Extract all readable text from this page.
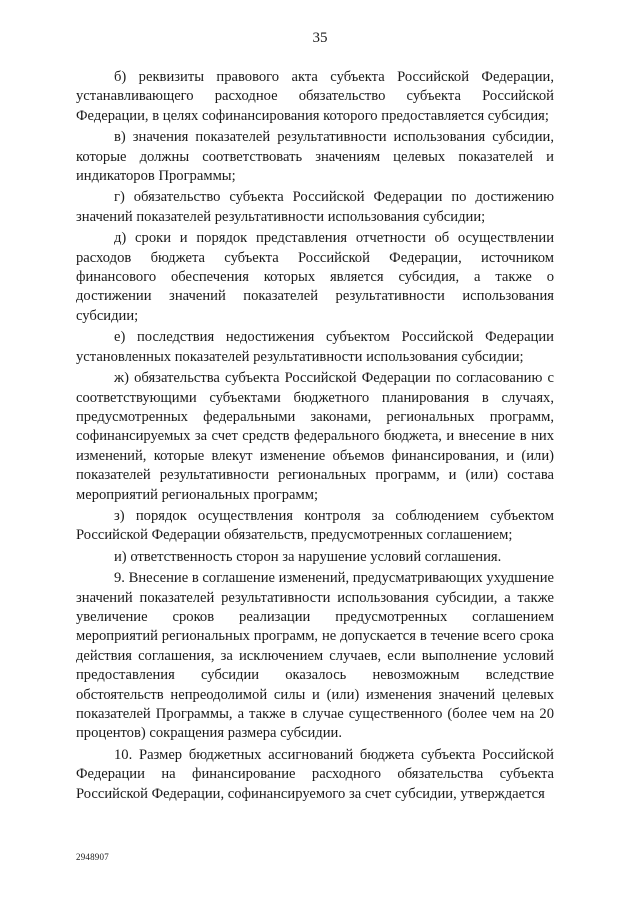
35

б) реквизиты правового акта субъекта Российской Федерации, устанавливающего расходное обязательство субъекта Российской Федерации, в целях софинансирования которого предоставляется субсидия;

в) значения показателей результативности использования субсидии, которые должны соответствовать значениям целевых показателей и индикаторов Программы;

г) обязательство субъекта Российской Федерации по достижению значений показателей результативности использования субсидии;

д) сроки и порядок представления отчетности об осуществлении расходов бюджета субъекта Российской Федерации, источником финансового обеспечения которых является субсидия, а также о достижении значений показателей результативности использования субсидии;

е) последствия недостижения субъектом Российской Федерации установленных показателей результативности использования субсидии;

ж) обязательства субъекта Российской Федерации по согласованию с соответствующими субъектами бюджетного планирования в случаях, предусмотренных федеральными законами, региональных программ, софинансируемых за счет средств федерального бюджета, и внесение в них изменений, которые влекут изменение объемов финансирования, и (или) показателей результативности региональных программ, и (или) состава мероприятий региональных программ;

з) порядок осуществления контроля за соблюдением субъектом Российской Федерации обязательств, предусмотренных соглашением;

и) ответственность сторон за нарушение условий соглашения.

9. Внесение в соглашение изменений, предусматривающих ухудшение значений показателей результативности использования субсидии, а также увеличение сроков реализации предусмотренных соглашением мероприятий региональных программ, не допускается в течение всего срока действия соглашения, за исключением случаев, если выполнение условий предоставления субсидии оказалось невозможным вследствие обстоятельств непреодолимой силы и (или) изменения значений целевых показателей Программы, а также в случае существенного (более чем на 20 процентов) сокращения размера субсидии.

10. Размер бюджетных ассигнований бюджета субъекта Российской Федерации на финансирование расходного обязательства субъекта Российской Федерации, софинансируемого за счет субсидии, утверждается

2948907
